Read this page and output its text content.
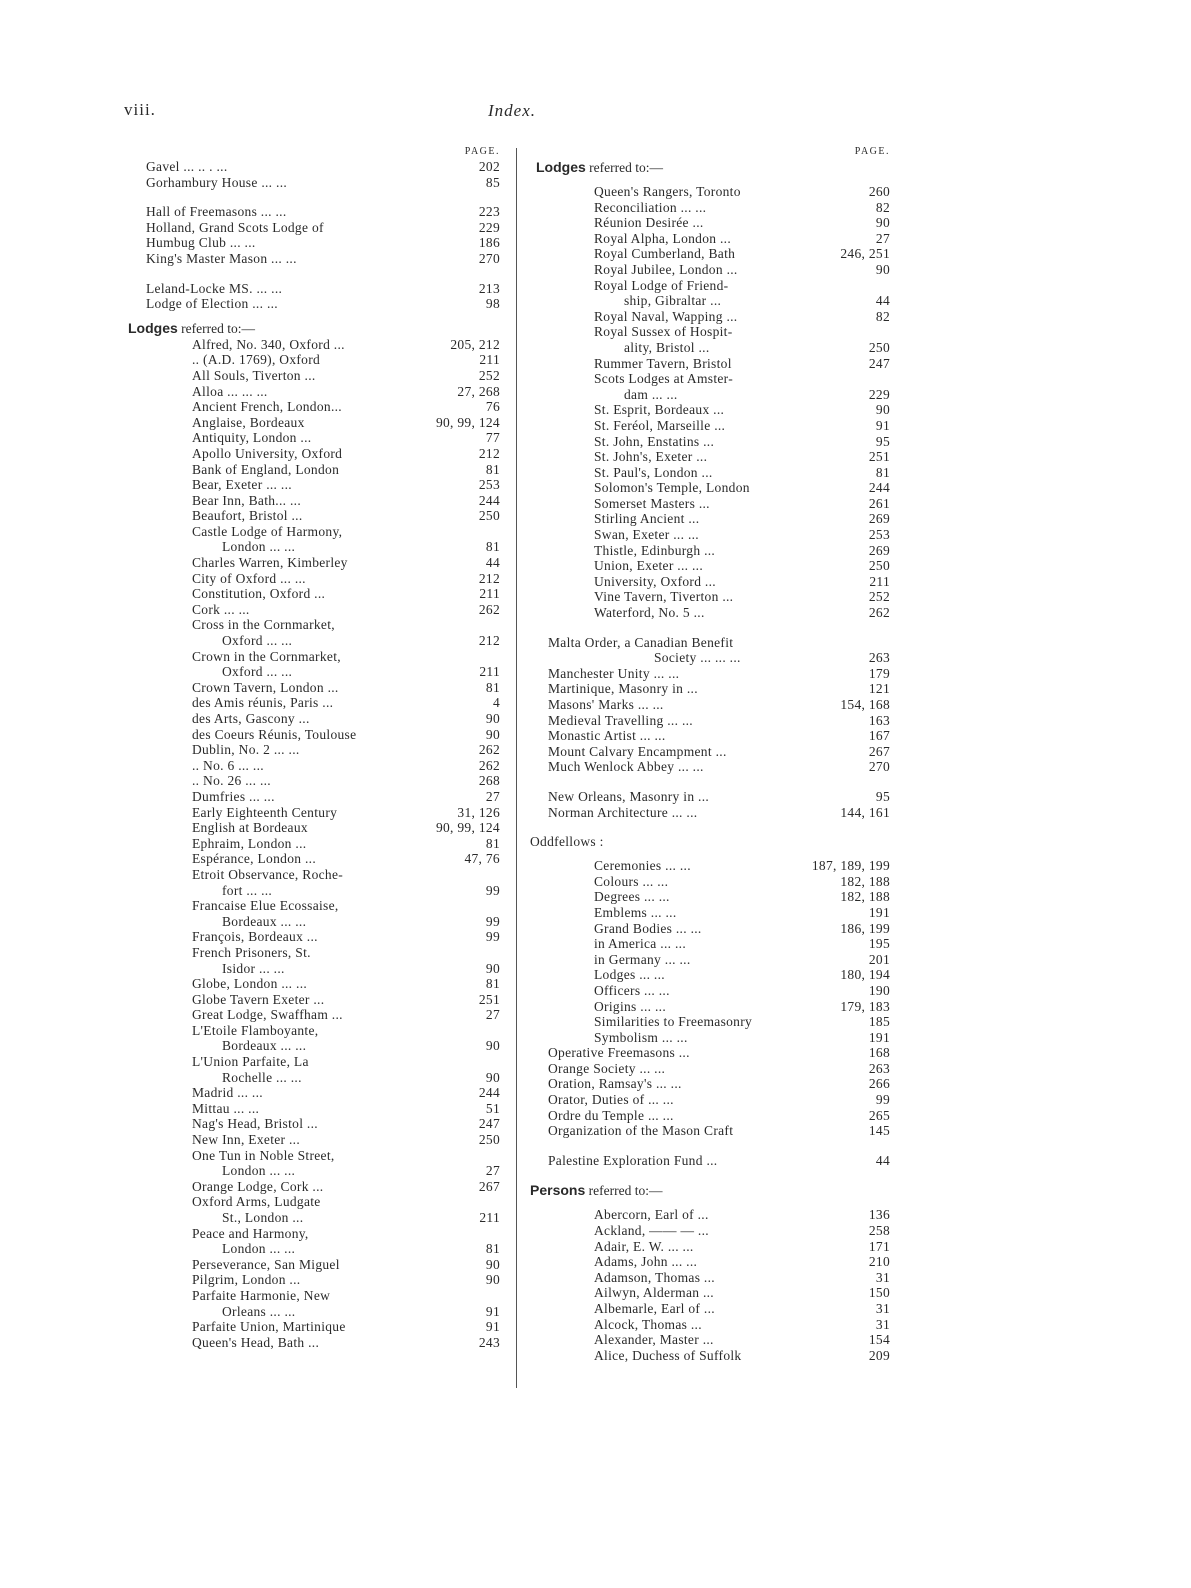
viii.	Index.
PAGE.
Gavel ... .. . ...	202
Gorhambury House ... ...	85
Hall of Freemasons ... ...	223
Holland, Grand Scots Lodge of	229
Humbug Club ... ...	186
King's Master Mason ... ...	270
Leland-Locke MS. ... ...	213
Lodge of Election ... ...	98
Lodges referred to:—
Alfred, No. 340, Oxford ...	205, 212
.. (A.D. 1769), Oxford	211
All Souls, Tiverton ...	252
Alloa ... ... ...	27, 268
Ancient French, London...	76
Anglaise, Bordeaux	90, 99, 124
Antiquity, London ...	77
Apollo University, Oxford	212
Bank of England, London	81
Bear, Exeter ... ...	253
Bear Inn, Bath... ...	244
Beaufort, Bristol ...	250
Castle Lodge of Harmony,
London ... ...	81
Charles Warren, Kimberley	44
City of Oxford ... ...	212
Constitution, Oxford ...	211
Cork ... ...	262
Cross in the Cornmarket,
Oxford ... ...	212
Crown in the Cornmarket,
Oxford ... ...	211
Crown Tavern, London ...	81
des Amis réunis, Paris ...	4
des Arts, Gascony ...	90
des Coeurs Réunis, Toulouse	90
Dublin, No. 2 ... ...	262
.. No. 6 ... ...	262
.. No. 26 ... ...	268
Dumfries ... ...	27
Early Eighteenth Century	31, 126
English at Bordeaux	90, 99, 124
Ephraim, London ...	81
Espérance, London ...	47, 76
Etroit Observance, Roche-
fort ... ...	99
Francaise Elue Ecossaise,
Bordeaux ... ...	99
François, Bordeaux ...	99
French Prisoners, St.
Isidor ... ...	90
Globe, London ... ...	81
Globe Tavern Exeter ...	251
Great Lodge, Swaffham ...	27
L'Etoile Flamboyante,
Bordeaux ... ...	90
L'Union Parfaite, La
Rochelle ... ...	90
Madrid ... ...	244
Mittau ... ...	51
Nag's Head, Bristol ...	247
New Inn, Exeter ...	250
One Tun in Noble Street,
London ... ...	27
Orange Lodge, Cork ...	267
Oxford Arms, Ludgate
St., London ...	211
Peace and Harmony,
London ... ...	81
Perseverance, San Miguel	90
Pilgrim, London ...	90
Parfaite Harmonie, New
Orleans ... ...	91
Parfaite Union, Martinique	91
Queen's Head, Bath ...	243
PAGE.
Lodges referred to:—
Queen's Rangers, Toronto	260
Reconciliation ... ...	82
Réunion Desirée ...	90
Royal Alpha, London ...	27
Royal Cumberland, Bath	246, 251
Royal Jubilee, London ...	90
Royal Lodge of Friend-
ship, Gibraltar ...	44
Royal Naval, Wapping ...	82
Royal Sussex of Hospit-
ality, Bristol ...	250
Rummer Tavern, Bristol	247
Scots Lodges at Amster-
dam ... ...	229
St. Esprit, Bordeaux ...	90
St. Feréol, Marseille ...	91
St. John, Enstatins ...	95
St. John's, Exeter ...	251
St. Paul's, London ...	81
Solomon's Temple, London	244
Somerset Masters ...	261
Stirling Ancient ...	269
Swan, Exeter ... ...	253
Thistle, Edinburgh ...	269
Union, Exeter ... ...	250
University, Oxford ...	211
Vine Tavern, Tiverton ...	252
Waterford, No. 5 ...	262
Malta Order, a Canadian Benefit
Society ... ... ...	263
Manchester Unity ... ...	179
Martinique, Masonry in ...	121
Masons' Marks ... ...	154, 168
Medieval Travelling ... ...	163
Monastic Artist ... ...	167
Mount Calvary Encampment ...	267
Much Wenlock Abbey ... ...	270
New Orleans, Masonry in ...	95
Norman Architecture ... ...	144, 161
Oddfellows :
Ceremonies ... ...	187, 189, 199
Colours ... ...	182, 188
Degrees ... ...	182, 188
Emblems ... ...	191
Grand Bodies ... ...	186, 199
in America ... ...	195
in Germany ... ...	201
Lodges ... ...	180, 194
Officers ... ...	190
Origins ... ...	179, 183
Similarities to Freemasonry	185
Symbolism ... ...	191
Operative Freemasons ...	168
Orange Society ... ...	263
Oration, Ramsay's ... ...	266
Orator, Duties of ... ...	99
Ordre du Temple ... ...	265
Organization of the Mason Craft	145
Palestine Exploration Fund ...	44
Persons referred to:—
Abercorn, Earl of ...	136
Ackland, —— — ...	258
Adair, E. W. ... ...	171
Adams, John ... ...	210
Adamson, Thomas ...	31
Ailwyn, Alderman ...	150
Albemarle, Earl of ...	31
Alcock, Thomas ...	31
Alexander, Master ...	154
Alice, Duchess of Suffolk	209
